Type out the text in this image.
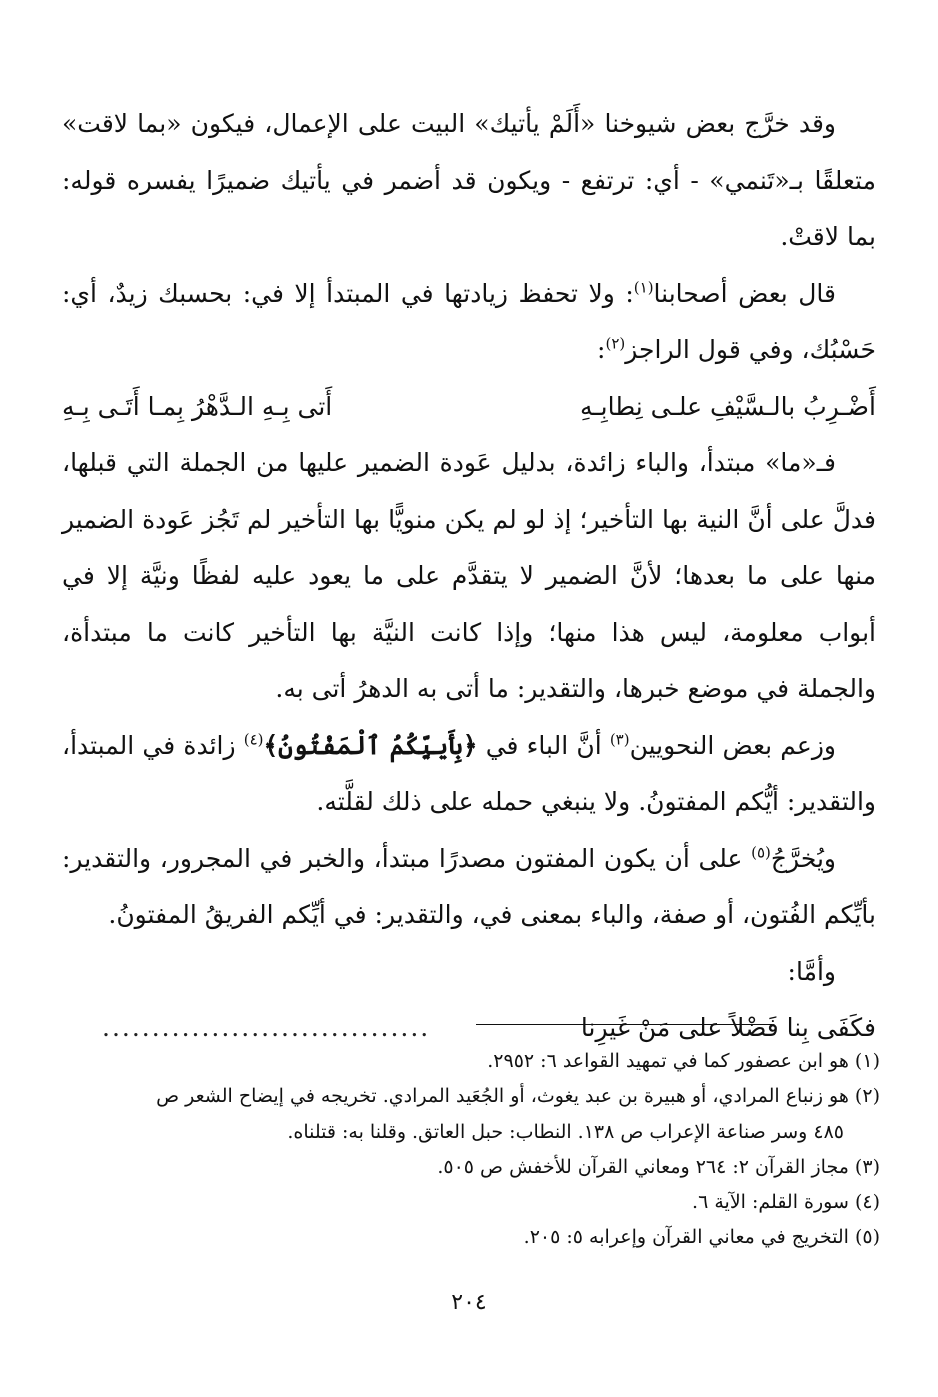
وقد خرَّج بعض شيوخنا «أَلَمْ يأتيك» البيت على الإعمال، فيكون «بما لاقت» متعلقًا بـ«تَنمي» - أي: ترتفع - ويكون قد أضمر في يأتيك ضميرًا يفسره قوله: بما لاقتْ.

قال بعض أصحابنا$^{(١)}$: ولا تحفظ زيادتها في المبتدأ إلا في: بحسبك زيدٌ، أي: حَسْبُك، وفي قول الراجز$^{(٢)}$:

أَضْـرِبُ بالـسَّيْفِ علـى نِطابِـهِ
أَتى بِـهِ الـدَّهْرُ بِمـا أَتَـى بِـهِ

فـ«ما» مبتدأ، والباء زائدة، بدليل عَودة الضمير عليها من الجملة التي قبلها، فدلَّ على أنَّ النية بها التأخير؛ إذ لو لم يكن منويًّا بها التأخير لم تَجُز عَودة الضمير منها على ما بعدها؛ لأنَّ الضمير لا يتقدَّم على ما يعود عليه لفظًا ونيَّة إلا في أبواب معلومة، ليس هذا منها؛ وإذا كانت النيَّة بها التأخير كانت ما مبتدأة، والجملة في موضع خبرها، والتقدير: ما أتى به الدهرُ أتى به.

وزعم بعض النحويين$^{(٣)}$ أنَّ الباء في ﴿بِأَييِّكُمُ ٱلْمَفْتُونُ﴾$^{(٤)}$ زائدة في المبتدأ، والتقدير: أيُّكم المفتونُ. ولا ينبغي حمله على ذلك لقلَّته.

ويُخرَّجُ$^{(٥)}$ على أن يكون المفتون مصدرًا مبتدأ، والخبر في المجرور، والتقدير: بأيِّكم الفُتون، أو صفة، والباء بمعنى في، والتقدير: في أيِّكم الفريقُ المفتونُ.

وأمَّا:

فكَفَى بِنا فَضْلاً على مَنْ غَيرِنا
.................................

(١) هو ابن عصفور كما في تمهيد القواعد ٦: ٢٩٥٢.

(٢) هو زنباع المرادي، أو هبيرة بن عبد يغوث، أو الجُعَيد المرادي. تخريجه في إيضاح الشعر ص

٤٨٥ وسر صناعة الإعراب ص ١٣٨. النطاب: حبل العاتق. وقلنا به: قتلناه.

(٣) مجاز القرآن ٢: ٢٦٤ ومعاني القرآن للأخفش ص ٥٠٥.

(٤) سورة القلم: الآية ٦.

(٥) التخريج في معاني القرآن وإعرابه ٥: ٢٠٥.

٢٠٤
